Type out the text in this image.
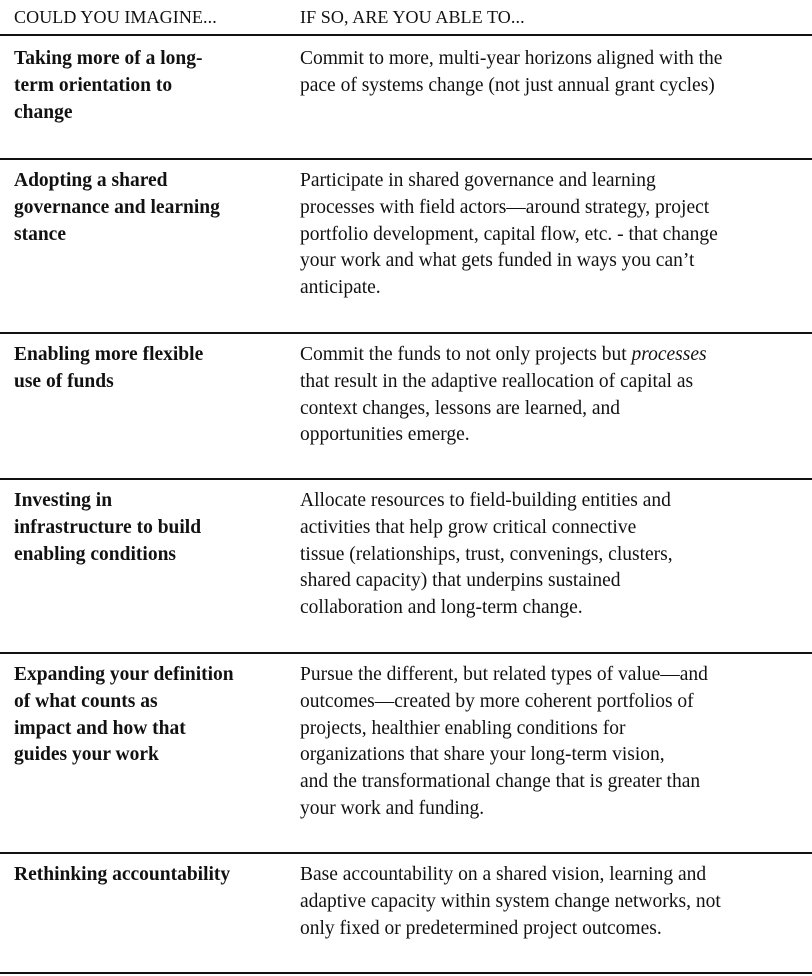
COULD YOU IMAGINE...	IF SO, ARE YOU ABLE TO...
Taking more of a long-
term orientation to
change
Commit to more, multi-year horizons aligned with the
pace of systems change (not just annual grant cycles)
Adopting a shared
governance and learning
stance
Participate in shared governance and learning
processes with field actors—around strategy, project
portfolio development, capital flow, etc. - that change
your work and what gets funded in ways you can’t
anticipate.
Enabling more flexible
use of funds
Commit the funds to not only projects but processes
that result in the adaptive reallocation of capital as
context changes, lessons are learned, and
opportunities emerge.
Investing in
infrastructure to build
enabling conditions
Allocate resources to field-building entities and
activities that help grow critical connective
tissue (relationships, trust, convenings, clusters,
shared capacity) that underpins sustained
collaboration and long-term change.
Expanding your definition
of what counts as
impact and how that
guides your work
Pursue the different, but related types of value—and
outcomes—created by more coherent portfolios of
projects, healthier enabling conditions for
organizations that share your long-term vision,
and the transformational change that is greater than
your work and funding.
Rethinking accountability	Base accountability on a shared vision, learning and
adaptive capacity within system change networks, not
only fixed or predetermined project outcomes.
